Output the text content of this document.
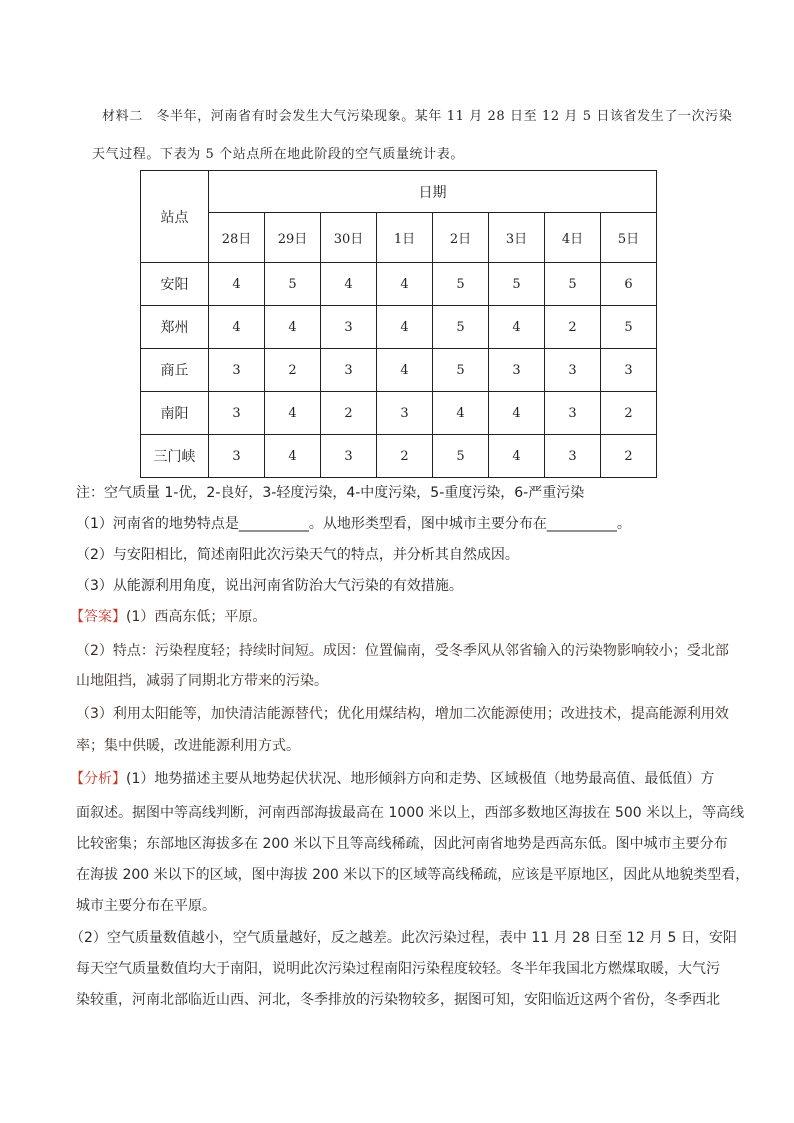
材料二　冬半年，河南省有时会发生大气污染现象。某年 11 月 28 日至 12 月 5 日该省发生了一次污染
天气过程。下表为 5 个站点所在地此阶段的空气质量统计表。
站点	日期							
	28日	29日	30日	1日	2日	3日	4日	5日
安阳	4	5	4	4	5	5	5	6
郑州	4	4	3	4	5	4	2	5
商丘	3	2	3	4	5	3	3	3
南阳	3	4	2	3	4	4	3	2
三门峡	3	4	3	2	5	4	3	2
注：空气质量 1-优，2-良好，3-轻度污染，4-中度污染，5-重度污染，6-严重污染
（1）河南省的地势特点是__________。从地形类型看，图中城市主要分布在__________。
（2）与安阳相比，简述南阳此次污染天气的特点，并分析其自然成因。
（3）从能源利用角度，说出河南省防治大气污染的有效措施。
【答案】(1）西高东低；平原。
（2）特点：污染程度轻；持续时间短。成因：位置偏南，受冬季风从邻省输入的污染物影响较小；受北部
山地阻挡，减弱了同期北方带来的污染。
（3）利用太阳能等，加快清洁能源替代；优化用煤结构，增加二次能源使用；改进技术，提高能源利用效
率；集中供暖，改进能源利用方式。
【分析】(1）地势描述主要从地势起伏状况、地形倾斜方向和走势、区域极值（地势最高值、最低值）方
面叙述。据图中等高线判断，河南西部海拔最高在 1000 米以上，西部多数地区海拔在 500 米以上，等高线
比较密集；东部地区海拔多在 200 米以下且等高线稀疏，因此河南省地势是西高东低。图中城市主要分布
在海拔 200 米以下的区域，图中海拔 200 米以下的区域等高线稀疏，应该是平原地区，因此从地貌类型看，
城市主要分布在平原。
（2）空气质量数值越小，空气质量越好，反之越差。此次污染过程，表中 11 月 28 日至 12 月 5 日，安阳
每天空气质量数值均大于南阳，说明此次污染过程南阳污染程度较轻。冬半年我国北方燃煤取暖，大气污
染较重，河南北部临近山西、河北，冬季排放的污染物较多，据图可知，安阳临近这两个省份，冬季西北
